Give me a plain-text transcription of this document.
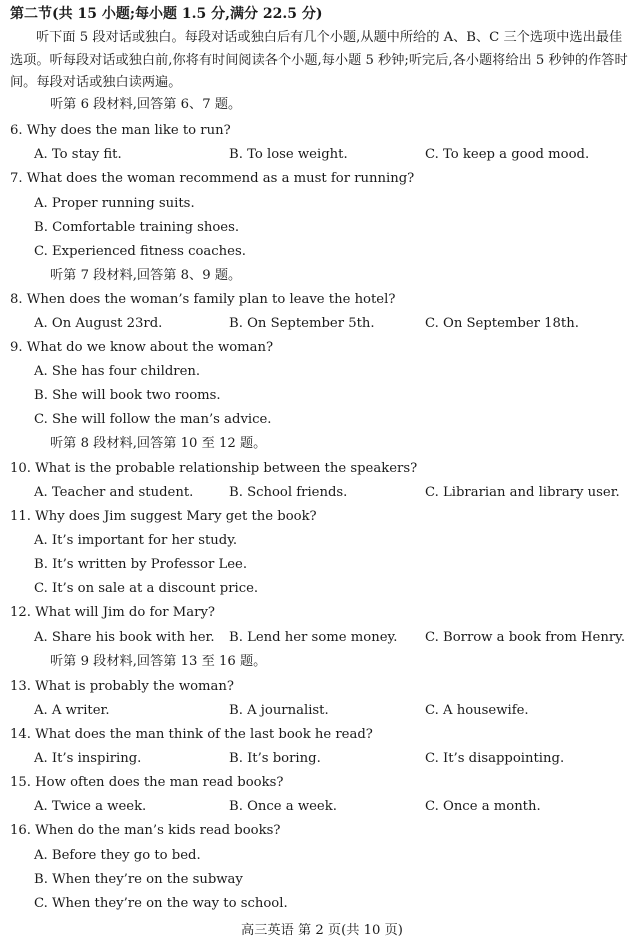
第二节(共 15 小题;每小题 1.5 分,满分 22.5 分)

听下面 5 段对话或独白。每段对话或独白后有几个小题,从题中所给的 A、B、C 三个选项中选出最佳选项。听每段对话或独白前,你将有时间阅读各个小题,每小题 5 秒钟;听完后,各小题将给出 5 秒钟的作答时间。每段对话或独白读两遍。

听第 6 段材料,回答第 6、7 题。
6. Why does the man like to run?
A. To stay fit.	B. To lose weight.	C. To keep a good mood.
7. What does the woman recommend as a must for running?
A. Proper running suits.
B. Comfortable training shoes.
C. Experienced fitness coaches.
听第 7 段材料,回答第 8、9 题。
8. When does the woman’s family plan to leave the hotel?
A. On August 23rd.	B. On September 5th.	C. On September 18th.
9. What do we know about the woman?
A. She has four children.
B. She will book two rooms.
C. She will follow the man’s advice.
听第 8 段材料,回答第 10 至 12 题。
10. What is the probable relationship between the speakers?
A. Teacher and student.	B. School friends.	C. Librarian and library user.
11. Why does Jim suggest Mary get the book?
A. It’s important for her study.
B. It’s written by Professor Lee.
C. It’s on sale at a discount price.
12. What will Jim do for Mary?
A. Share his book with her. B. Lend her some money. C. Borrow a book from Henry.
听第 9 段材料,回答第 13 至 16 题。
13. What is probably the woman?
A. A writer.	B. A journalist.	C. A housewife.
14. What does the man think of the last book he read?
A. It’s inspiring.	B. It’s boring.	C. It’s disappointing.
15. How often does the man read books?
A. Twice a week.	B. Once a week.	C. Once a month.
16. When do the man’s kids read books?
A. Before they go to bed.
B. When they’re on the subway
C. When they’re on the way to school.
高三英语 第 2 页(共 10 页)
